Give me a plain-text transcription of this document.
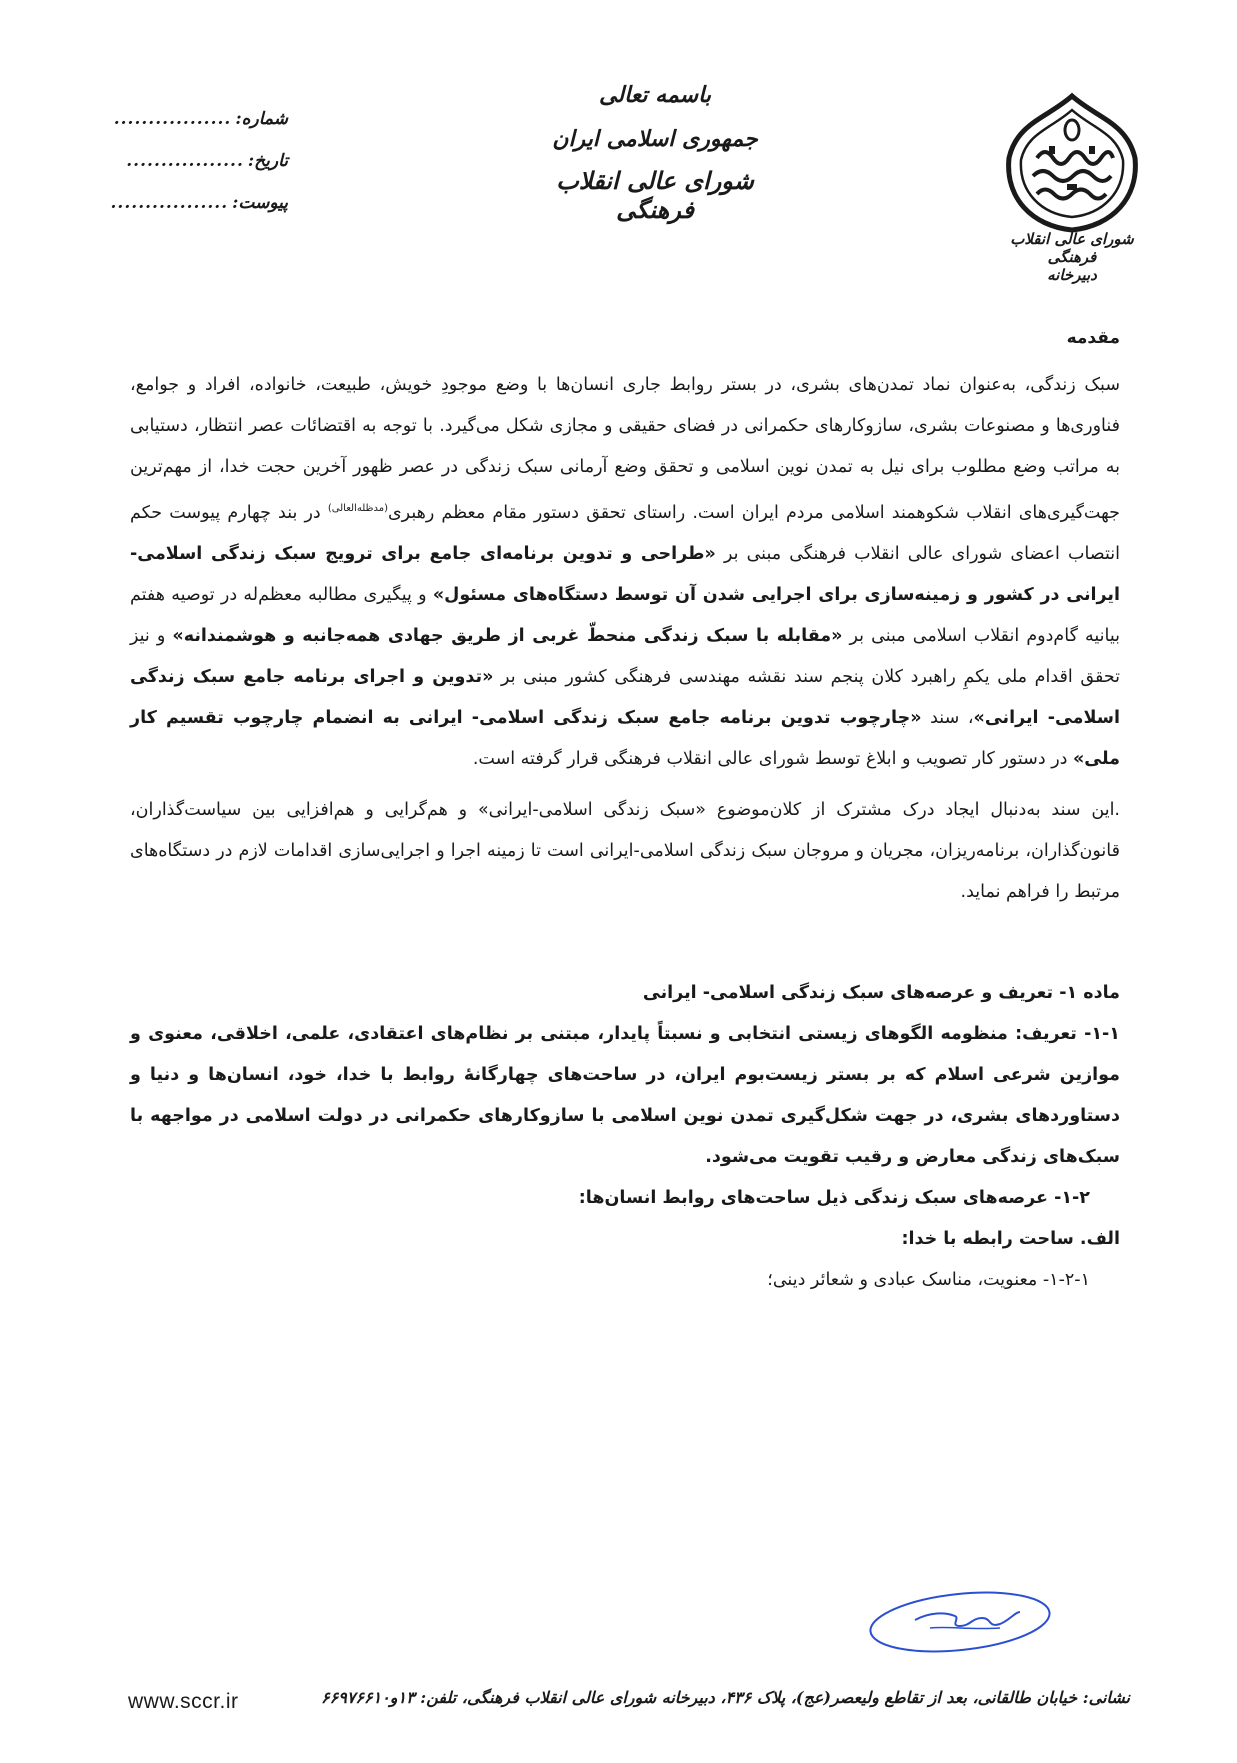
شورای عالی انقلاب فرهنگی
دبیرخانه
باسمه تعالی
جمهوری اسلامی ایران
شورای عالی انقلاب فرهنگی
شماره:
.................
تاریخ:
.................
پیوست:
.................
مقدمه

سبک زندگی، به‌عنوان نماد تمدن‌های بشری، در بستر روابط جاری انسان‌ها با وضع موجودِ خویش، طبیعت، خانواده، افراد و جوامع، فناوری‌ها و مصنوعات بشری، سازوکارهای حکمرانی در فضای حقیقی و مجازی شکل می‌گیرد. با توجه به اقتضائات عصر انتظار، دستیابی به مراتب وضع مطلوب برای نیل به تمدن نوین اسلامی و تحقق وضع آرمانی سبک زندگی در عصر ظهور آخرین حجت خدا، از مهم‌ترین جهت‌گیری‌های انقلاب شکوهمند اسلامی مردم ایران است. راستای تحقق دستور مقام معظم رهبری$^{(مدظله‌العالی)}$ در بند چهارم پیوست حکم انتصاب اعضای شورای عالی انقلاب فرهنگی مبنی بر «طراحی و تدوین برنامه‌ای جامع برای ترویج سبک زندگی اسلامی- ایرانی در کشور و زمینه‌سازی برای اجرایی شدن آن توسط دستگاه‌های مسئول» و پیگیری مطالبه معظم‌له در توصیه هفتم بیانیه گام‌دوم انقلاب اسلامی مبنی بر «مقابله با سبک زندگی منحطّ غربی از طریق جهادی همه‌جانبه و هوشمندانه» و نیز تحقق اقدام ملی یکمِ راهبرد کلان پنجم سند نقشه مهندسی فرهنگی کشور مبنی بر «تدوین و اجرای برنامه جامع سبک زندگی اسلامی- ایرانی»، سند «چارچوب تدوین برنامه جامع سبک زندگی اسلامی- ایرانی به انضمام چارچوب تقسیم کار ملی» در دستور کار تصویب و ابلاغ توسط شورای عالی انقلاب فرهنگی قرار گرفته است.

.این سند به‌دنبال ایجاد درک مشترک از کلان‌موضوع «سبک زندگی اسلامی-ایرانی» و هم‌گرایی و هم‌افزایی بین سیاست‌گذاران، قانون‌گذاران، برنامه‌ریزان، مجریان و مروجان سبک زندگی اسلامی-ایرانی است تا زمینه اجرا و اجرایی‌سازی اقدامات لازم در دستگاه‌های مرتبط را فراهم نماید.

ماده ۱- تعریف و عرصه‌های سبک زندگی اسلامی- ایرانی

۱-۱- تعریف: منظومه الگوهای زیستی انتخابی و نسبتاً پایدار، مبتنی بر نظام‌های اعتقادی، علمی، اخلاقی، معنوی و موازین شرعی اسلام که بر بستر زیست‌بوم ایران، در ساحت‌های چهارگانهٔ روابط با خدا، خود، انسان‌ها و دنیا و دستاوردهای بشری، در جهت شکل‌گیری تمدن نوین اسلامی با سازوکارهای حکمرانی در دولت اسلامی در مواجهه با سبک‌های زندگی معارض و رقیب تقویت می‌شود.

۱-۲- عرصه‌های سبک زندگی ذیل ساحت‌های روابط انسان‌ها:
الف. ساحت رابطه با خدا:
۱-۲-۱- معنویت، مناسک عبادی و شعائر دینی؛
www.sccr.ir	نشانی: خیابان طالقانی، بعد از تقاطع ولیعصر(عج)، پلاک ۴۳۶، دبیرخانه شورای عالی انقلاب فرهنگی، تلفن: ۱۳و۶۶۹۷۶۶۱۰
